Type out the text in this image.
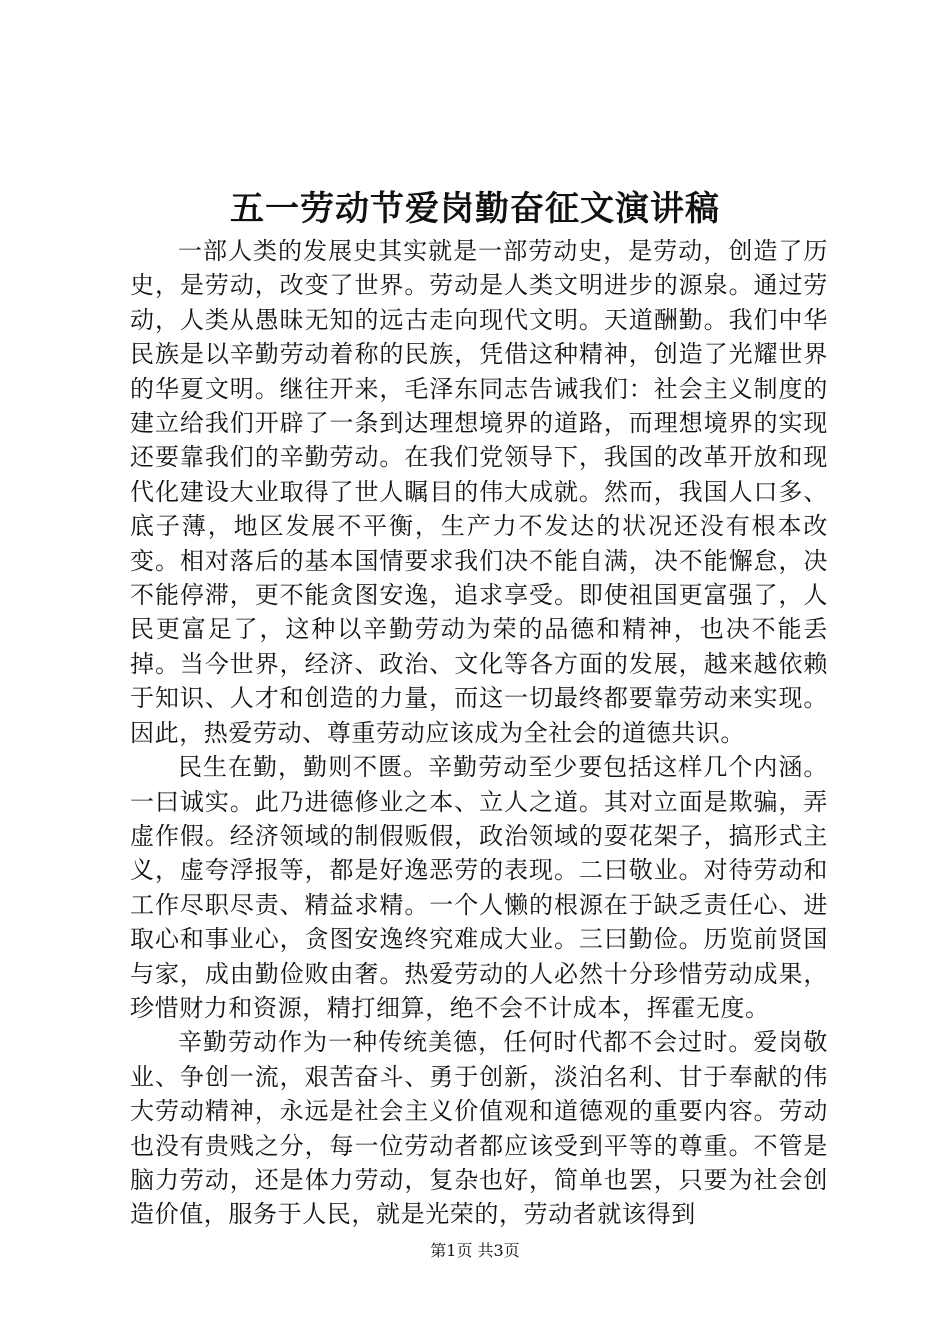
五一劳动节爱岗勤奋征文演讲稿

一部人类的发展史其实就是一部劳动史，是劳动，创造了历史，是劳动，改变了世界。劳动是人类文明进步的源泉。通过劳动，人类从愚昧无知的远古走向现代文明。天道酬勤。我们中华民族是以辛勤劳动着称的民族，凭借这种精神，创造了光耀世界的华夏文明。继往开来，毛泽东同志告诫我们：社会主义制度的建立给我们开辟了一条到达理想境界的道路，而理想境界的实现还要靠我们的辛勤劳动。在我们党领导下，我国的改革开放和现代化建设大业取得了世人瞩目的伟大成就。然而，我国人口多、底子薄，地区发展不平衡，生产力不发达的状况还没有根本改变。相对落后的基本国情要求我们决不能自满，决不能懈怠，决不能停滞，更不能贪图安逸，追求享受。即使祖国更富强了，人民更富足了，这种以辛勤劳动为荣的品德和精神，也决不能丢掉。当今世界，经济、政治、文化等各方面的发展，越来越依赖于知识、人才和创造的力量，而这一切最终都要靠劳动来实现。因此，热爱劳动、尊重劳动应该成为全社会的道德共识。

民生在勤，勤则不匮。辛勤劳动至少要包括这样几个内涵。一曰诚实。此乃进德修业之本、立人之道。其对立面是欺骗，弄虚作假。经济领域的制假贩假，政治领域的耍花架子，搞形式主义，虚夸浮报等，都是好逸恶劳的表现。二曰敬业。对待劳动和工作尽职尽责、精益求精。一个人懒的根源在于缺乏责任心、进取心和事业心，贪图安逸终究难成大业。三曰勤俭。历览前贤国与家，成由勤俭败由奢。热爱劳动的人必然十分珍惜劳动成果，珍惜财力和资源，精打细算，绝不会不计成本，挥霍无度。

辛勤劳动作为一种传统美德，任何时代都不会过时。爱岗敬业、争创一流，艰苦奋斗、勇于创新，淡泊名利、甘于奉献的伟大劳动精神，永远是社会主义价值观和道德观的重要内容。劳动也没有贵贱之分，每一位劳动者都应该受到平等的尊重。不管是脑力劳动，还是体力劳动，复杂也好，简单也罢，只要为社会创造价值，服务于人民，就是光荣的，劳动者就该得到

第1页 共3页
